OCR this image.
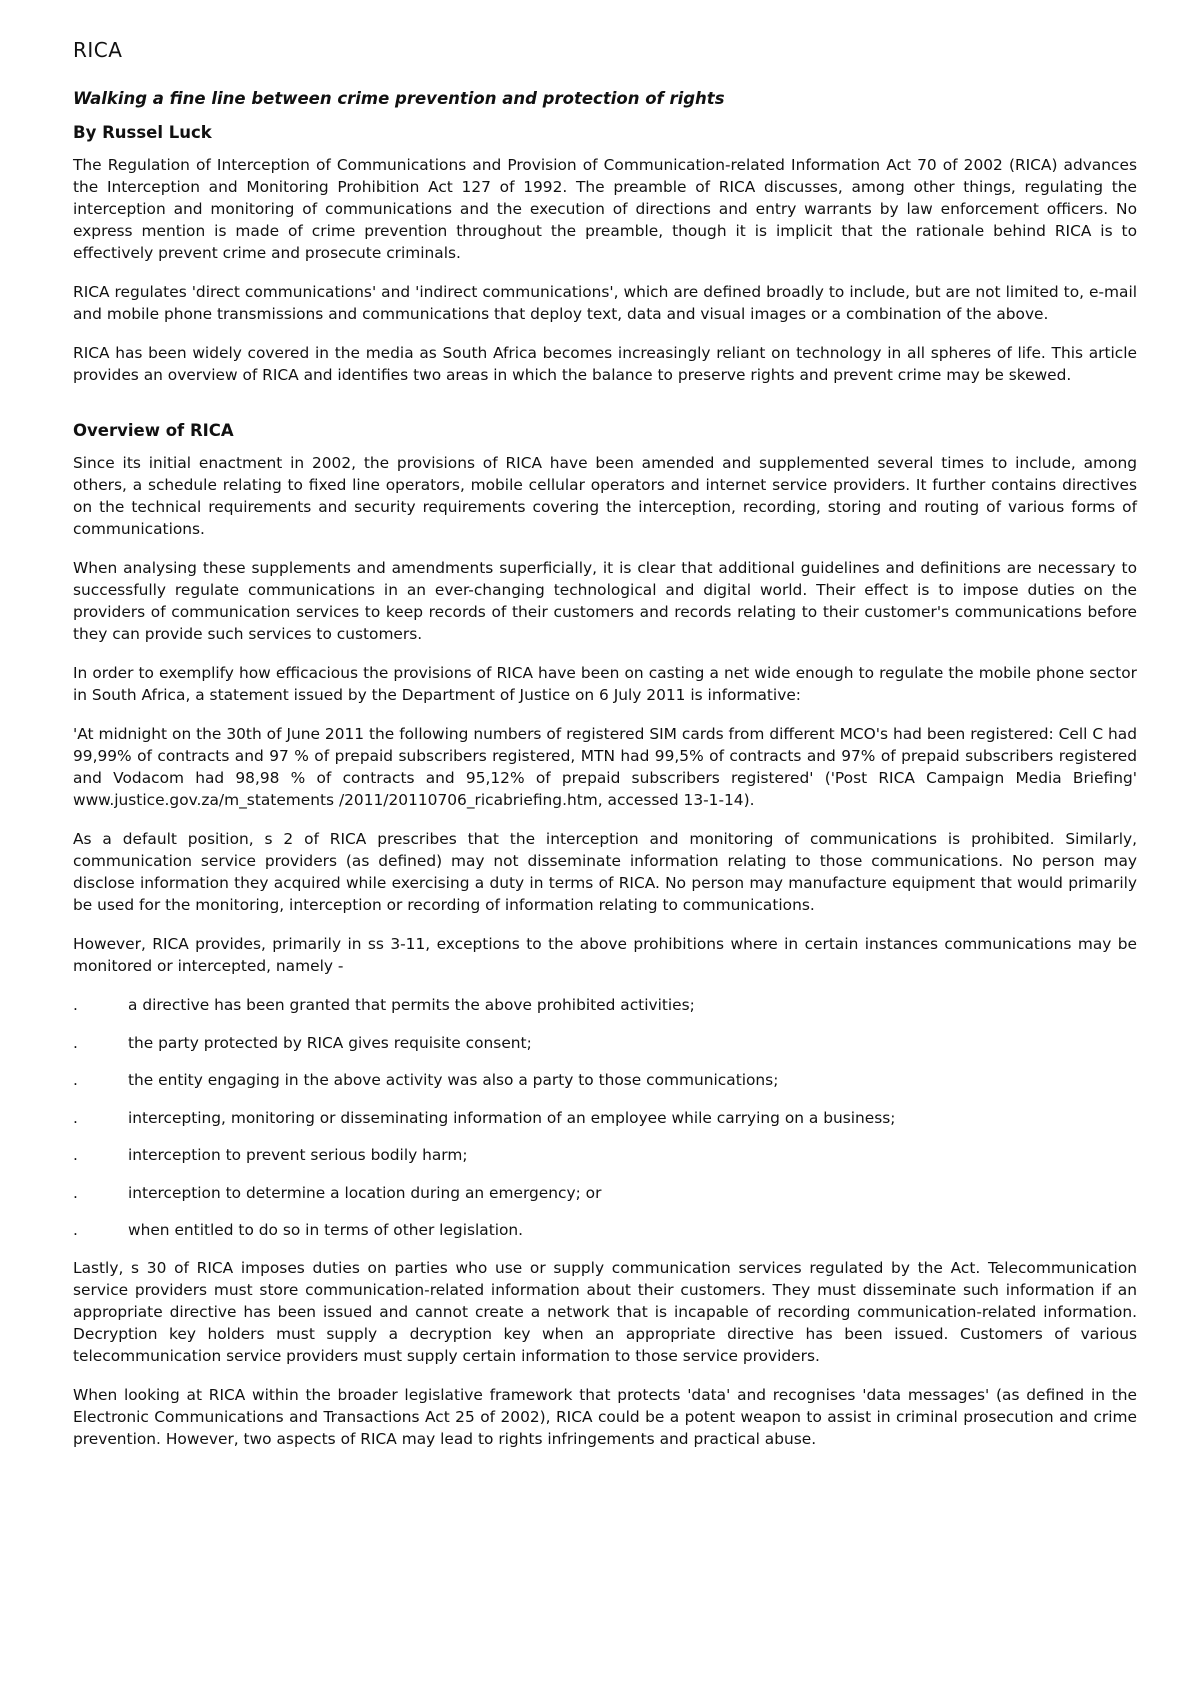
RICA
Walking a fine line between crime prevention and protection of rights
By Russel Luck

The Regulation of Interception of Communications and Provision of Communication-related Information Act 70 of 2002 (RICA) advances the Interception and Monitoring Prohibition Act 127 of 1992. The preamble of RICA discusses, among other things, regulating the interception and monitoring of communications and the execution of directions and entry warrants by law enforcement officers. No express mention is made of crime prevention throughout the preamble, though it is implicit that the rationale behind RICA is to effectively prevent crime and prosecute criminals.

RICA regulates 'direct communications' and 'indirect communications', which are defined broadly to include, but are not limited to, e-mail and mobile phone transmissions and communications that deploy text, data and visual images or a combination of the above.

RICA has been widely covered in the media as South Africa becomes increasingly reliant on technology in all spheres of life. This article provides an overview of RICA and identifies two areas in which the balance to preserve rights and prevent crime may be skewed.

Overview of RICA

Since its initial enactment in 2002, the provisions of RICA have been amended and supplemented several times to include, among others, a schedule relating to fixed line operators, mobile cellular operators and internet service providers. It further contains directives on the technical requirements and security requirements covering the interception, recording, storing and routing of various forms of communications.

When analysing these supplements and amendments superficially, it is clear that additional guidelines and definitions are necessary to successfully regulate communications in an ever-changing technological and digital world. Their effect is to impose duties on the providers of communication services to keep records of their customers and records relating to their customer's communications before they can provide such services to customers.

In order to exemplify how efficacious the provisions of RICA have been on casting a net wide enough to regulate the mobile phone sector in South Africa, a statement issued by the Department of Justice on 6 July 2011 is informative:

'At midnight on the 30th of June 2011 the following numbers of registered SIM cards from different MCO's had been registered: Cell C had 99,99% of contracts and 97 % of prepaid subscribers registered, MTN had 99,5% of contracts and 97% of prepaid subscribers registered and Vodacom had 98,98 % of contracts and 95,12% of prepaid subscribers registered' ('Post RICA Campaign Media Briefing' www.justice.gov.za/m_statements /2011/20110706_ricabriefing.htm, accessed 13-1-14).

As a default position, s 2 of RICA prescribes that the interception and monitoring of communications is prohibited. Similarly, communication service providers (as defined) may not disseminate information relating to those communications. No person may disclose information they acquired while exercising a duty in terms of RICA. No person may manufacture equipment that would primarily be used for the monitoring, interception or recording of information relating to communications.

However, RICA provides, primarily in ss 3-11, exceptions to the above prohibitions where in certain instances communications may be monitored or intercepted, namely -

.	a directive has been granted that permits the above prohibited activities;
.	the party protected by RICA gives requisite consent;
.	the entity engaging in the above activity was also a party to those communications;
.	intercepting, monitoring or disseminating information of an employee while carrying on a business;
.	interception to prevent serious bodily harm;
.	interception to determine a location during an emergency; or
.	when entitled to do so in terms of other legislation.

Lastly, s 30 of RICA imposes duties on parties who use or supply communication services regulated by the Act. Telecommunication service providers must store communication-related information about their customers. They must disseminate such information if an appropriate directive has been issued and cannot create a network that is incapable of recording communication-related information. Decryption key holders must supply a decryption key when an appropriate directive has been issued. Customers of various telecommunication service providers must supply certain information to those service providers.

When looking at RICA within the broader legislative framework that protects 'data' and recognises 'data messages' (as defined in the Electronic Communications and Transactions Act 25 of 2002), RICA could be a potent weapon to assist in criminal prosecution and crime prevention. However, two aspects of RICA may lead to rights infringements and practical abuse.
